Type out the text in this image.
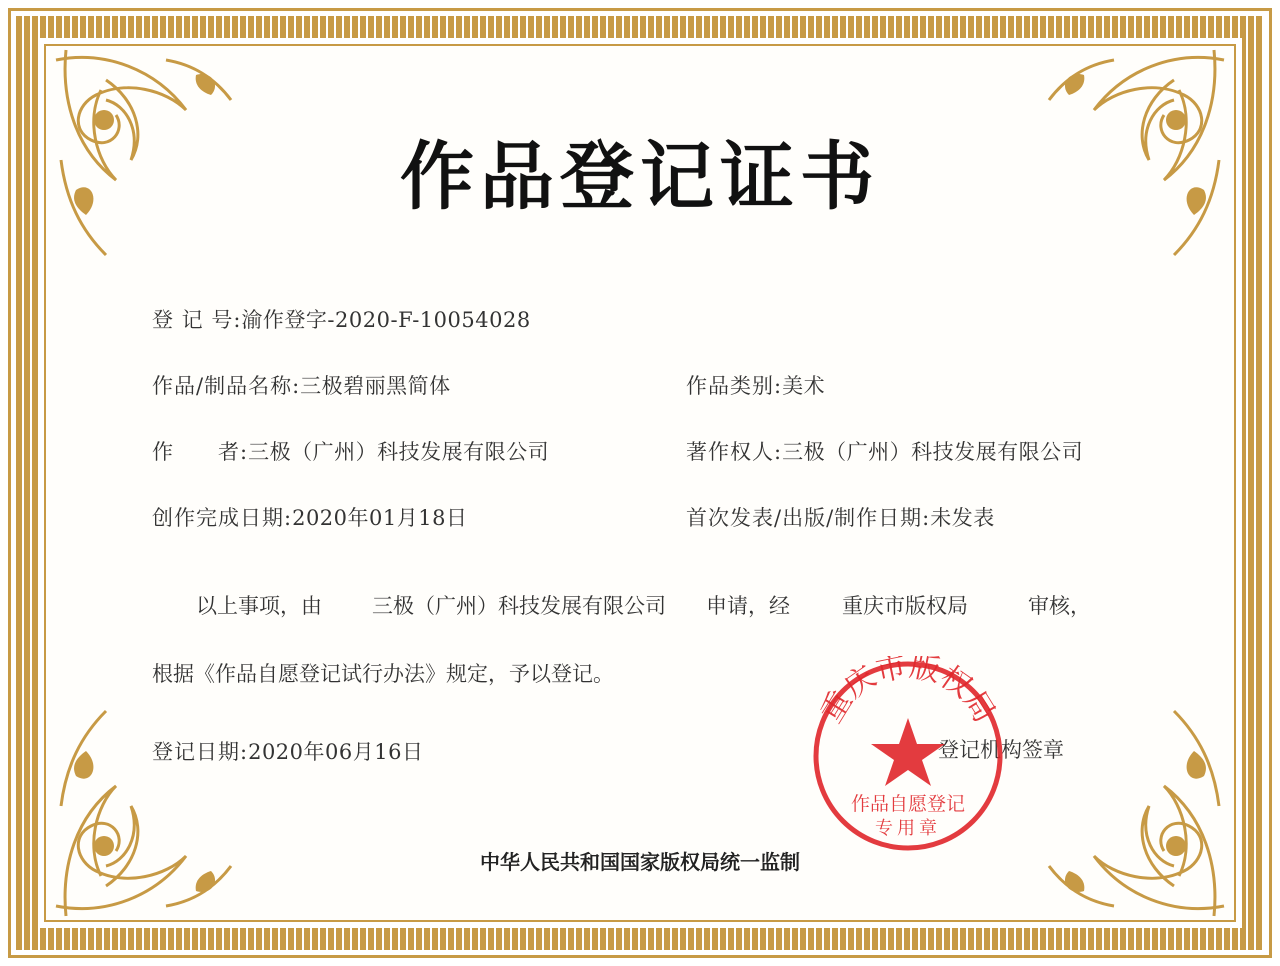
作品登记证书
登 记 号:渝作登字-2020-F-10054028
作品/制品名称:三极碧丽黑简体	作品类别:美术
作　　者:三极（广州）科技发展有限公司	著作权人:三极（广州）科技发展有限公司
创作完成日期:2020年01月18日	首次发表/出版/制作日期:未发表
以上事项，由 三极（广州）科技发展有限公司 申请，经 重庆市版权局	审核，
根据《作品自愿登记试行办法》规定，予以登记。
登记日期:2020年06月16日	登记机构签章
重庆市版权局
作品自愿登记
专用章
中华人民共和国国家版权局统一监制
